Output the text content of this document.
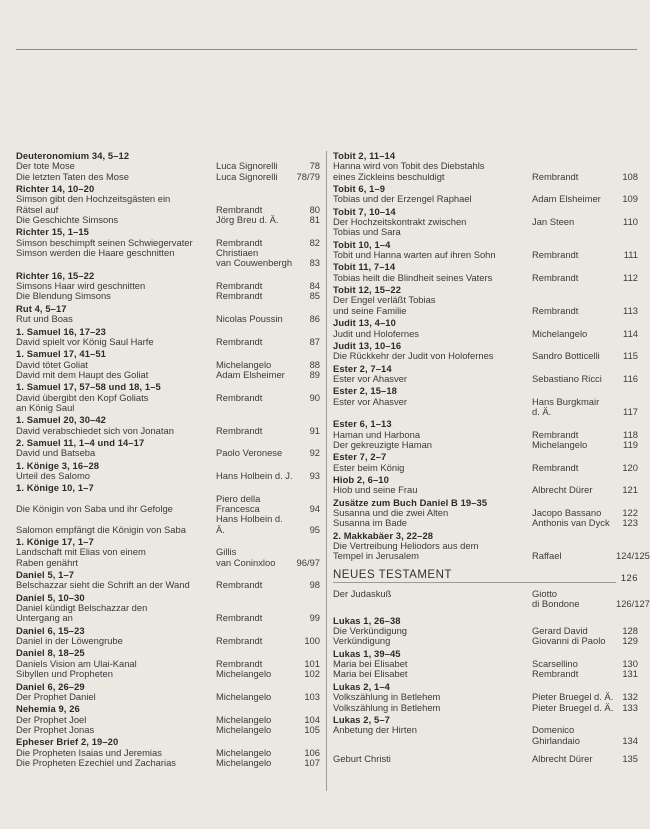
Deuteronomium 34, 5–12
Der tote Mose	Luca Signorelli	78
Die letzten Taten des Mose	Luca Signorelli	78/79
Richter 14, 10–20
Simson gibt den Hochzeitsgästen ein
Rätsel auf	Rembrandt	80
Die Geschichte Simsons	Jörg Breu d. Ä.	81
Richter 15, 1–15
Simson beschimpft seinen Schwiegervater	Rembrandt	82
Simson werden die Haare geschnitten	Christiaen
van Couwenbergh	83
Richter 16, 15–22
Simsons Haar wird geschnitten	Rembrandt	84
Die Blendung Simsons	Rembrandt	85
Rut 4, 5–17
Rut und Boas	Nicolas Poussin	86
1. Samuel 16, 17–23
David spielt vor König Saul Harfe	Rembrandt	87
1. Samuel 17, 41–51
David tötet Goliat	Michelangelo	88
David mit dem Haupt des Goliat	Adam Elsheimer	89
1. Samuel 17, 57–58 und 18, 1–5
David übergibt den Kopf Goliats	Rembrandt	90
an König Saul
1. Samuel 20, 30–42
David verabschiedet sich von Jonatan	Rembrandt	91
2. Samuel 11, 1–4 und 14–17
David und Batseba	Paolo Veronese	92
1. Könige 3, 16–28
Urteil des Salomo	Hans Holbein d. J.	93
1. Könige 10, 1–7
Die Königin von Saba und ihr Gefolge
Piero della Francesca	94
Salomon empfängt die Königin von Saba
Hans Holbein d. Ä.	95
1. Könige 17, 1–7
Landschaft mit Elias von einem	Gillis
Raben genährt	van Coninxloo	96/97
Daniel 5, 1–7
Belschazzar sieht die Schrift an der Wand	Rembrandt	98
Daniel 5, 10–30
Daniel kündigt Belschazzar den
Untergang an	Rembrandt	99
Daniel 6, 15–23
Daniel in der Löwengrube	Rembrandt	100
Daniel 8, 18–25
Daniels Vision am Ulai-Kanal	Rembrandt	101
Sibyllen und Propheten	Michelangelo	102
Daniel 6, 26–29
Der Prophet Daniel	Michelangelo	103
Nehemia 9, 26
Der Prophet Joel	Michelangelo	104
Der Prophet Jonas	Michelangelo	105
Epheser Brief 2, 19–20
Die Propheten Isaias und Jeremias	Michelangelo	106
Die Propheten Ezechiel und Zacharias	Michelangelo	107
Tobit 2, 11–14
Hanna wird von Tobit des Diebstahls
eines Zickleins beschuldigt	Rembrandt	108
Tobit 6, 1–9
Tobias und der Erzengel Raphael	Adam Elsheimer	109
Tobit 7, 10–14
Der Hochzeitskontrakt zwischen	Jan Steen	110
Tobias und Sara
Tobit 10, 1–4
Tobit und Hanna warten auf ihren Sohn	Rembrandt	111
Tobit 11, 7–14
Tobias heilt die Blindheit seines Vaters	Rembrandt	112
Tobit 12, 15–22
Der Engel verläßt Tobias
und seine Familie	Rembrandt	113
Judit 13, 4–10
Judit und Holofernes	Michelangelo	114
Judit 13, 10–16
Die Rückkehr der Judit von Holofernes	Sandro Botticelli	115
Ester 2, 7–14
Ester vor Ahasver	Sebastiano Ricci	116
Ester 2, 15–18
Ester vor Ahasver	Hans Burgkmair
d. Ä.	117
Ester 6, 1–13
Haman und Harbona	Rembrandt	118
Der gekreuzigte Haman	Michelangelo	119
Ester 7, 2–7
Ester beim König	Rembrandt	120
Hiob 2, 6–10
Hiob und seine Frau	Albrecht Dürer	121
Zusätze zum Buch Daniel B 19–35
Susanna und die zwei Alten	Jacopo Bassano	122
Susanna im Bade	Anthonis van Dyck	123
2. Makkabäer 3, 22–28
Die Vertreibung Heliodors aus dem
Tempel in Jerusalem	Raffael	124/125
NEUES TESTAMENT	126
Der Judaskuß	Giotto
di Bondone	126/127
Lukas 1, 26–38
Die Verkündigung	Gerard David	128
Verkündigung	Giovanni di Paolo	129
Lukas 1, 39–45
Maria bei Elisabet	Scarsellino	130
Maria bei Elisabet	Rembrandt	131
Lukas 2, 1–4
Volkszählung in Betlehem	Pieter Bruegel d. Ä. 132
Volkszählung in Betlehem	Pieter Bruegel d. Ä. 133
Lukas 2, 5–7
Anbetung der Hirten	Domenico
Ghirlandaio	134
Geburt Christi	Albrecht Dürer	135
